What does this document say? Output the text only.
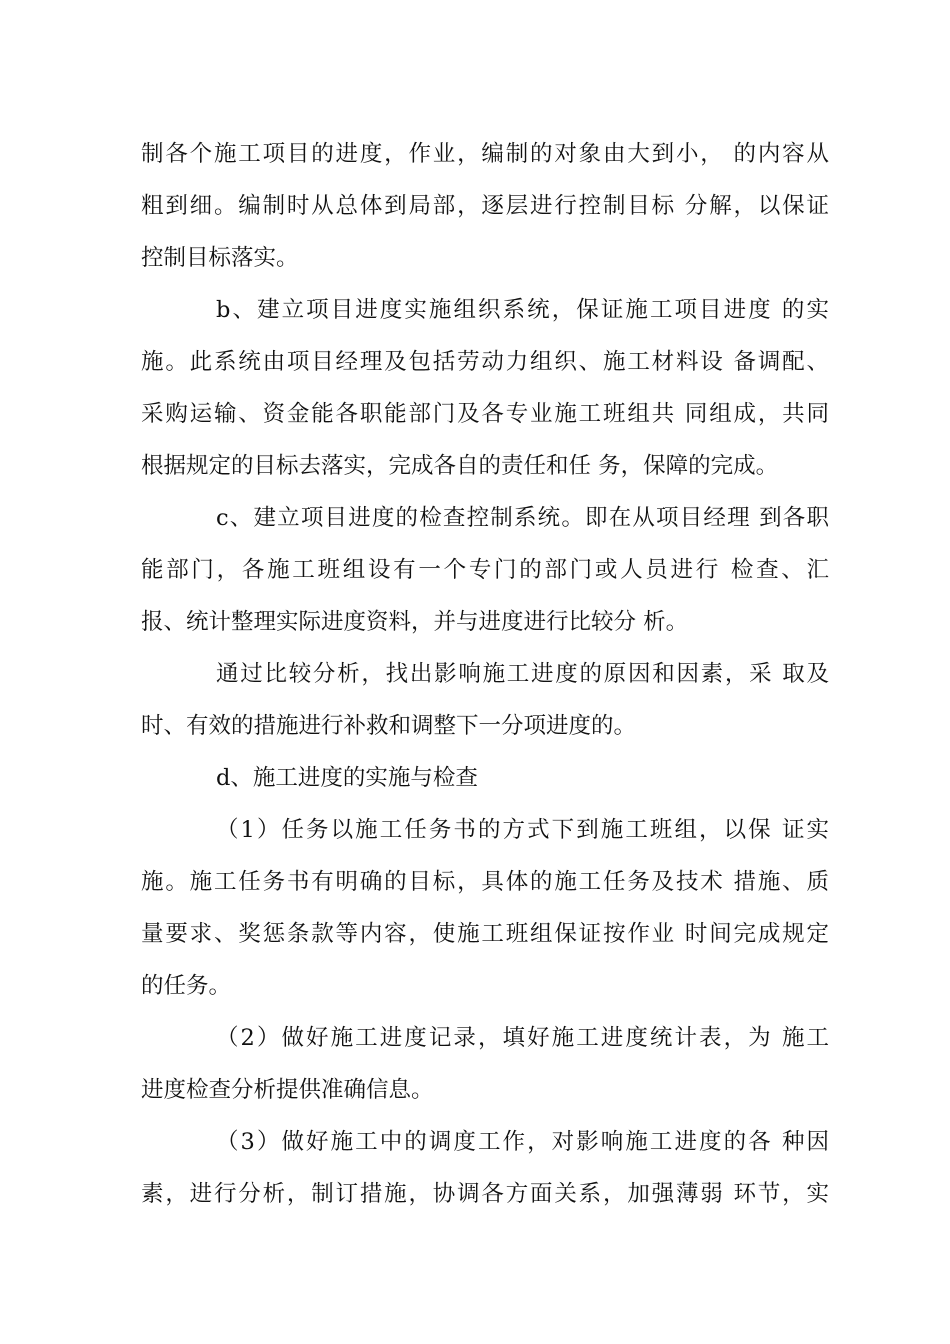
制各个施工项目的进度，作业，编制的对象由大到小， 的内容从
粗到细。编制时从总体到局部，逐层进行控制目标 分解，以保证
控制目标落实。
b、建立项目进度实施组织系统，保证施工项目进度 的实
施。此系统由项目经理及包括劳动力组织、施工材料设 备调配、
采购运输、资金能各职能部门及各专业施工班组共 同组成，共同
根据规定的目标去落实，完成各自的责任和任 务，保障的完成。
c、建立项目进度的检查控制系统。即在从项目经理 到各职
能部门，各施工班组设有一个专门的部门或人员进行 检查、汇
报、统计整理实际进度资料，并与进度进行比较分 析。
通过比较分析，找出影响施工进度的原因和因素，采 取及
时、有效的措施进行补救和调整下一分项进度的。
d、施工进度的实施与检查
（1）任务以施工任务书的方式下到施工班组，以保 证实
施。施工任务书有明确的目标，具体的施工任务及技术 措施、质
量要求、奖惩条款等内容，使施工班组保证按作业 时间完成规定
的任务。
（2）做好施工进度记录，填好施工进度统计表，为 施工
进度检查分析提供准确信息。
（3）做好施工中的调度工作，对影响施工进度的各 种因
素，进行分析，制订措施，协调各方面关系，加强薄弱 环节，实
